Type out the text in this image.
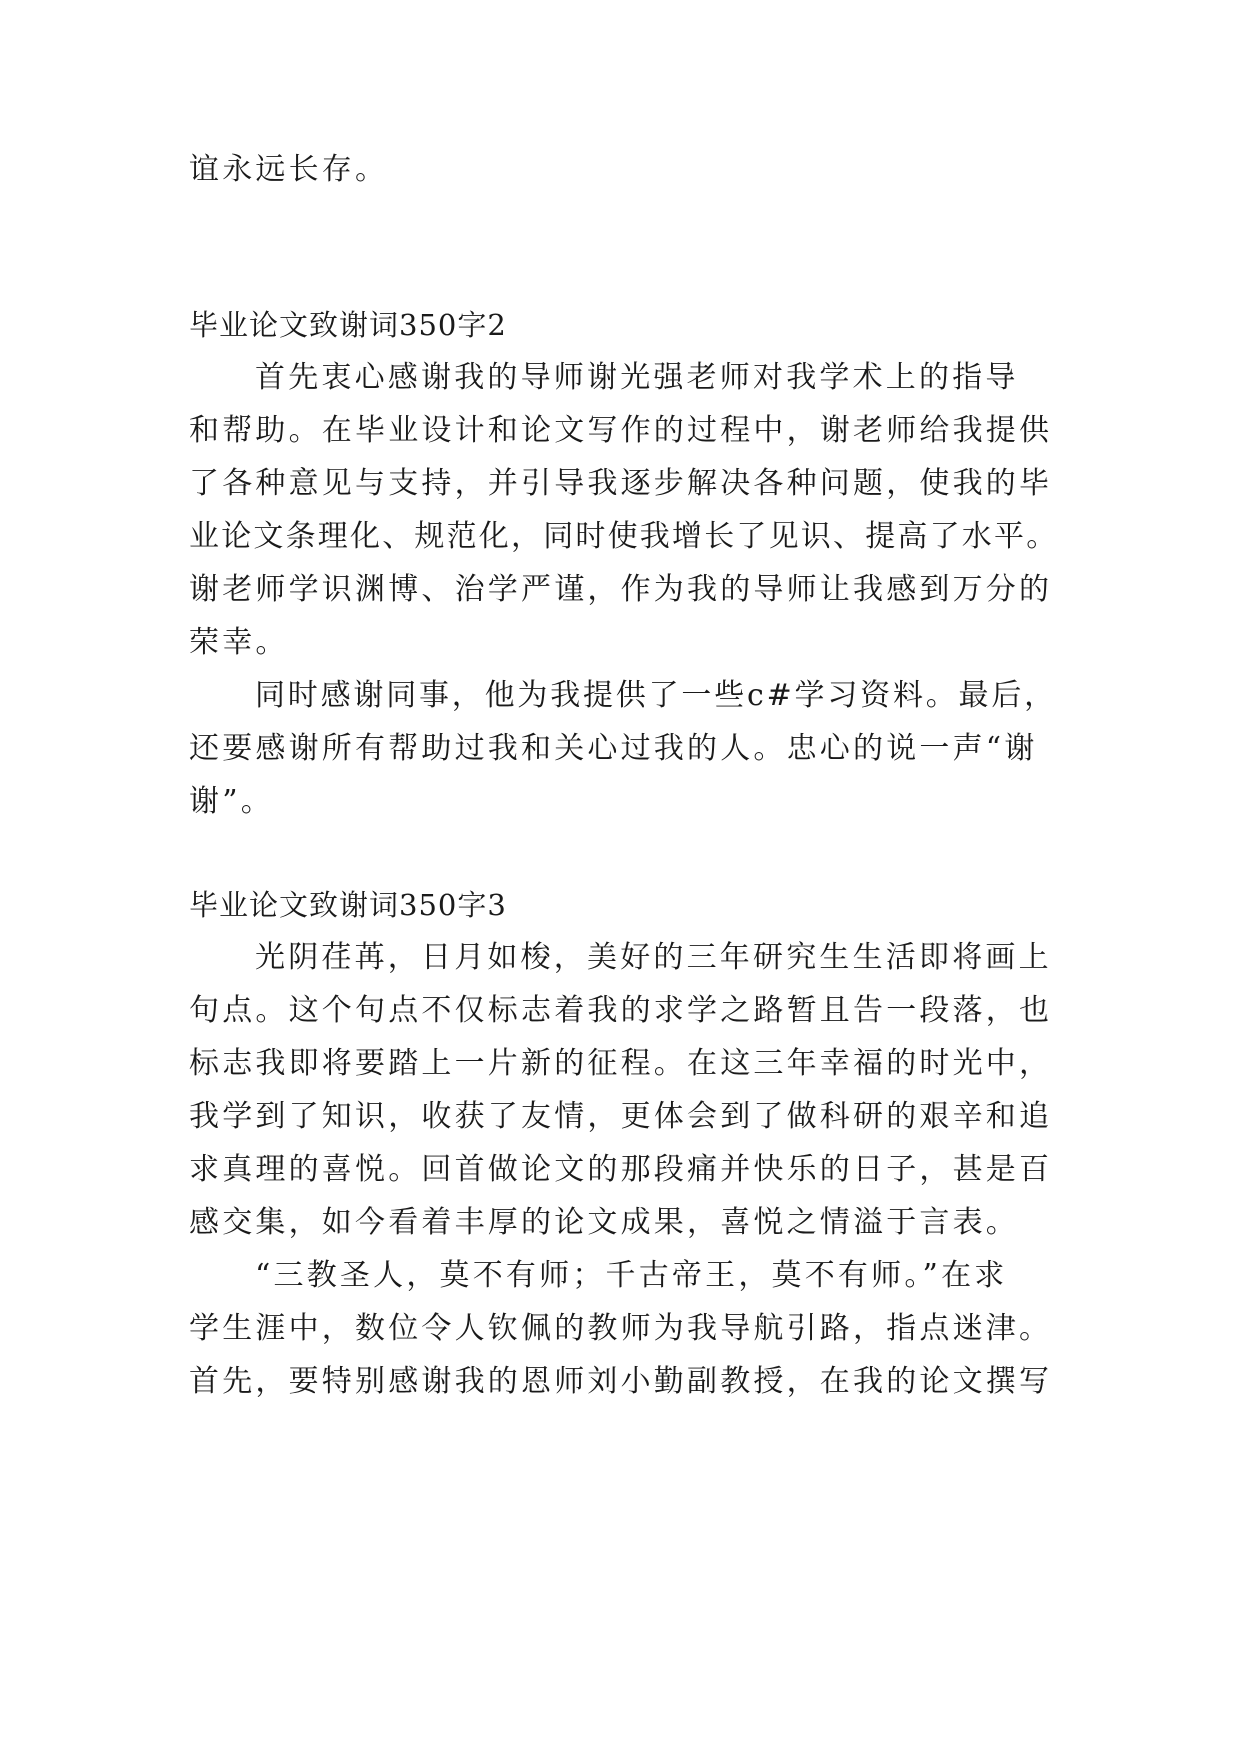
谊永远长存。
毕业论文致谢词350字2
首先衷心感谢我的导师谢光强老师对我学术上的指导
和帮助。在毕业设计和论文写作的过程中，谢老师给我提供
了各种意见与支持，并引导我逐步解决各种问题，使我的毕
业论文条理化、规范化，同时使我增长了见识、提高了水平。
谢老师学识渊博、治学严谨，作为我的导师让我感到万分的
荣幸。
同时感谢同事，他为我提供了一些c#学习资料。最后，
还要感谢所有帮助过我和关心过我的人。忠心的说一声“谢
谢”。
毕业论文致谢词350字3
光阴荏苒，日月如梭，美好的三年研究生生活即将画上
句点。这个句点不仅标志着我的求学之路暂且告一段落，也
标志我即将要踏上一片新的征程。在这三年幸福的时光中，
我学到了知识，收获了友情，更体会到了做科研的艰辛和追
求真理的喜悦。回首做论文的那段痛并快乐的日子，甚是百
感交集，如今看着丰厚的论文成果，喜悦之情溢于言表。
“三教圣人，莫不有师；千古帝王，莫不有师。”在求
学生涯中，数位令人钦佩的教师为我导航引路，指点迷津。
首先，要特别感谢我的恩师刘小勤副教授，在我的论文撰写
